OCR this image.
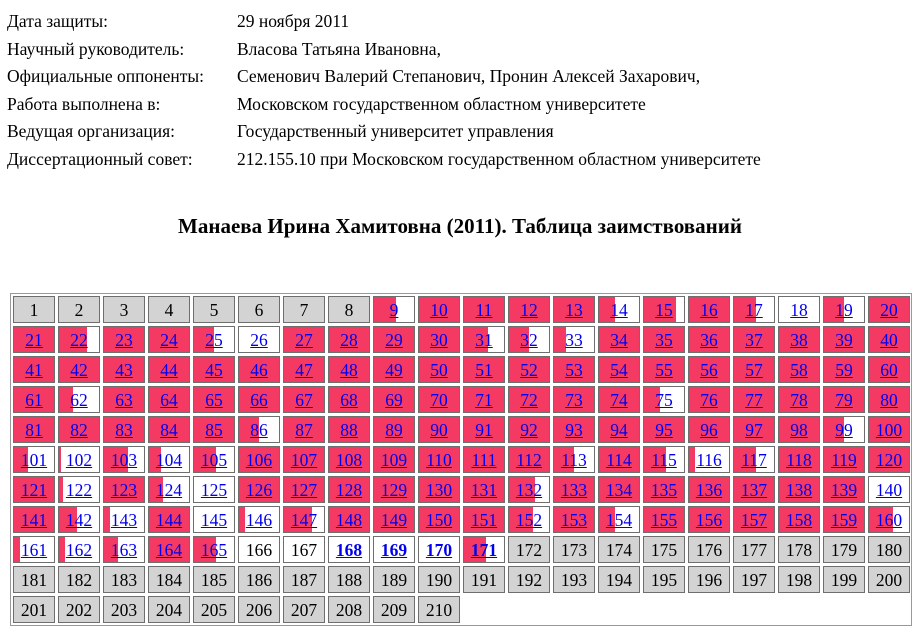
Дата защиты:	29 ноября 2011
Научный руководитель:	Власова Татьяна Ивановна,
Официальные оппоненты:	Семенович Валерий Степанович, Пронин Алексей Захарович,
Работа выполнена в:	Московском государственном областном университете
Ведущая организация:	Государственный университет управления
Диссертационный совет:	212.155.10 при Московском государственном областном университете
Манаева Ирина Хамитовна (2011). Таблица заимствований
1	2	3	4	5	6	7	8	9	10	11	12	13	14	15	16	17	18	19	20
21	22	23	24	25	26	27	28	29	30	31	32	33	34	35	36	37	38	39	40
41	42	43	44	45	46	47	48	49	50	51	52	53	54	55	56	57	58	59	60
61	62	63	64	65	66	67	68	69	70	71	72	73	74	75	76	77	78	79	80
81	82	83	84	85	86	87	88	89	90	91	92	93	94	95	96	97	98	99	100
101	102	103	104	105	106	107	108	109	110	111	112	113	114	115	116	117	118	119	120
121	122	123	124	125	126	127	128	129	130	131	132	133	134	135	136	137	138	139	140
141	142	143	144	145	146	147	148	149	150	151	152	153	154	155	156	157	158	159	160
161	162	163	164	165	166	167	168	169	170	171	172	173	174	175	176	177	178	179	180
181	182	183	184	185	186	187	188	189	190	191	192	193	194	195	196	197	198	199	200
201	202	203	204	205	206	207	208	209	210
